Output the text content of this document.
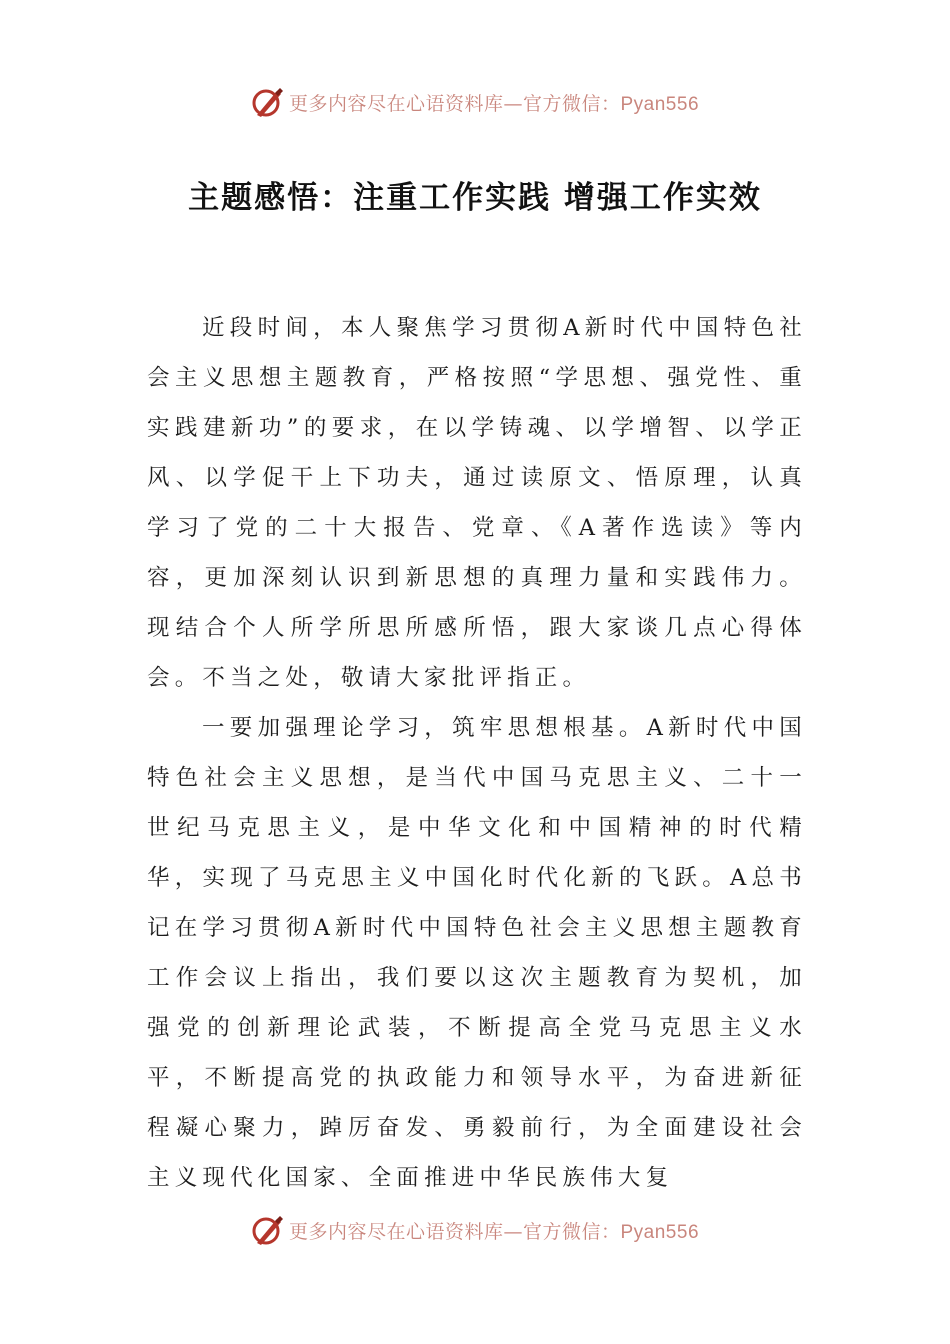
更多内容尽在心语资料库—官方微信：Pyan556
主题感悟：注重工作实践 增强工作实效

近段时间，本人聚焦学习贯彻A新时代中国特色社会主义思想主题教育，严格按照“学思想、强党性、重实践建新功”的要求，在以学铸魂、以学增智、以学正风、以学促干上下功夫，通过读原文、悟原理，认真学习了党的二十大报告、党章、《A著作选读》等内容，更加深刻认识到新思想的真理力量和实践伟力。现结合个人所学所思所感所悟，跟大家谈几点心得体会。不当之处，敬请大家批评指正。

一要加强理论学习，筑牢思想根基。A新时代中国特色社会主义思想，是当代中国马克思主义、二十一世纪马克思主义，是中华文化和中国精神的时代精华，实现了马克思主义中国化时代化新的飞跃。A总书记在学习贯彻A新时代中国特色社会主义思想主题教育工作会议上指出，我们要以这次主题教育为契机，加强党的创新理论武装，不断提高全党马克思主义水平，不断提高党的执政能力和领导水平，为奋进新征程凝心聚力，踔厉奋发、勇毅前行，为全面建设社会主义现代化国家、全面推进中华民族伟大复

更多内容尽在心语资料库—官方微信：Pyan556
